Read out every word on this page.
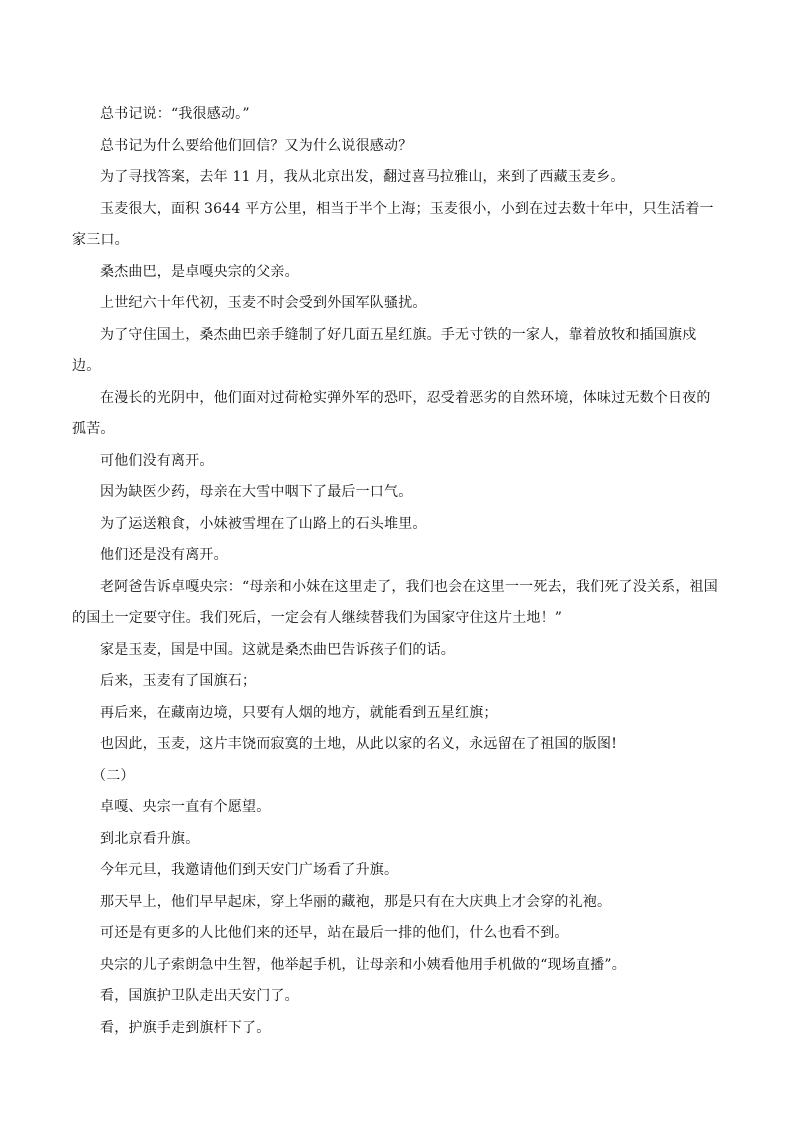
总书记说：“我很感动。”

总书记为什么要给他们回信？又为什么说很感动？

为了寻找答案，去年 11 月，我从北京出发，翻过喜马拉雅山，来到了西藏玉麦乡。

玉麦很大，面积 3644 平方公里，相当于半个上海；玉麦很小，小到在过去数十年中，只生活着一家三口。

桑杰曲巴，是卓嘎央宗的父亲。

上世纪六十年代初，玉麦不时会受到外国军队骚扰。

为了守住国土，桑杰曲巴亲手缝制了好几面五星红旗。手无寸铁的一家人，靠着放牧和插国旗戍边。

在漫长的光阴中，他们面对过荷枪实弹外军的恐吓，忍受着恶劣的自然环境，体味过无数个日夜的孤苦。

可他们没有离开。

因为缺医少药，母亲在大雪中咽下了最后一口气。

为了运送粮食，小妹被雪埋在了山路上的石头堆里。

他们还是没有离开。

老阿爸告诉卓嘎央宗：“母亲和小妹在这里走了，我们也会在这里一一死去，我们死了没关系，祖国的国土一定要守住。我们死后，一定会有人继续替我们为国家守住这片土地！”

家是玉麦，国是中国。这就是桑杰曲巴告诉孩子们的话。

后来，玉麦有了国旗石；

再后来，在藏南边境，只要有人烟的地方，就能看到五星红旗；

也因此，玉麦，这片丰饶而寂寞的土地，从此以家的名义，永远留在了祖国的版图!

（二）

卓嘎、央宗一直有个愿望。

到北京看升旗。

今年元旦，我邀请他们到天安门广场看了升旗。

那天早上，他们早早起床，穿上华丽的藏袍，那是只有在大庆典上才会穿的礼袍。

可还是有更多的人比他们来的还早，站在最后一排的他们，什么也看不到。

央宗的儿子索朗急中生智，他举起手机，让母亲和小姨看他用手机做的“现场直播”。

看，国旗护卫队走出天安门了。

看，护旗手走到旗杆下了。
